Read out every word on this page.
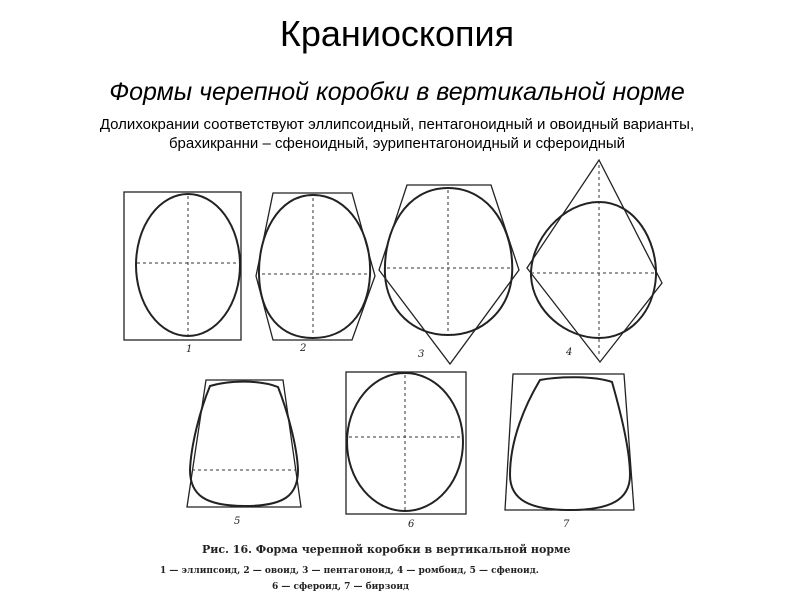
Краниоскопия
Формы черепной коробки в вертикальной норме
Долихокрании соответствуют эллипсоидный, пентагоноидный и овоидный варианты,
брахикранни – сфеноидный, эурипентагоноидный и сфероидный
1	2
3	4
5	6	7
Рис. 16. Форма черепной коробки в вертикальной норме
1 — эллипсоид, 2 — овоид, 3 — пентагоноид, 4 — ромбоид, 5 — сфеноид.
6 — сфероид, 7 — бирзоид
